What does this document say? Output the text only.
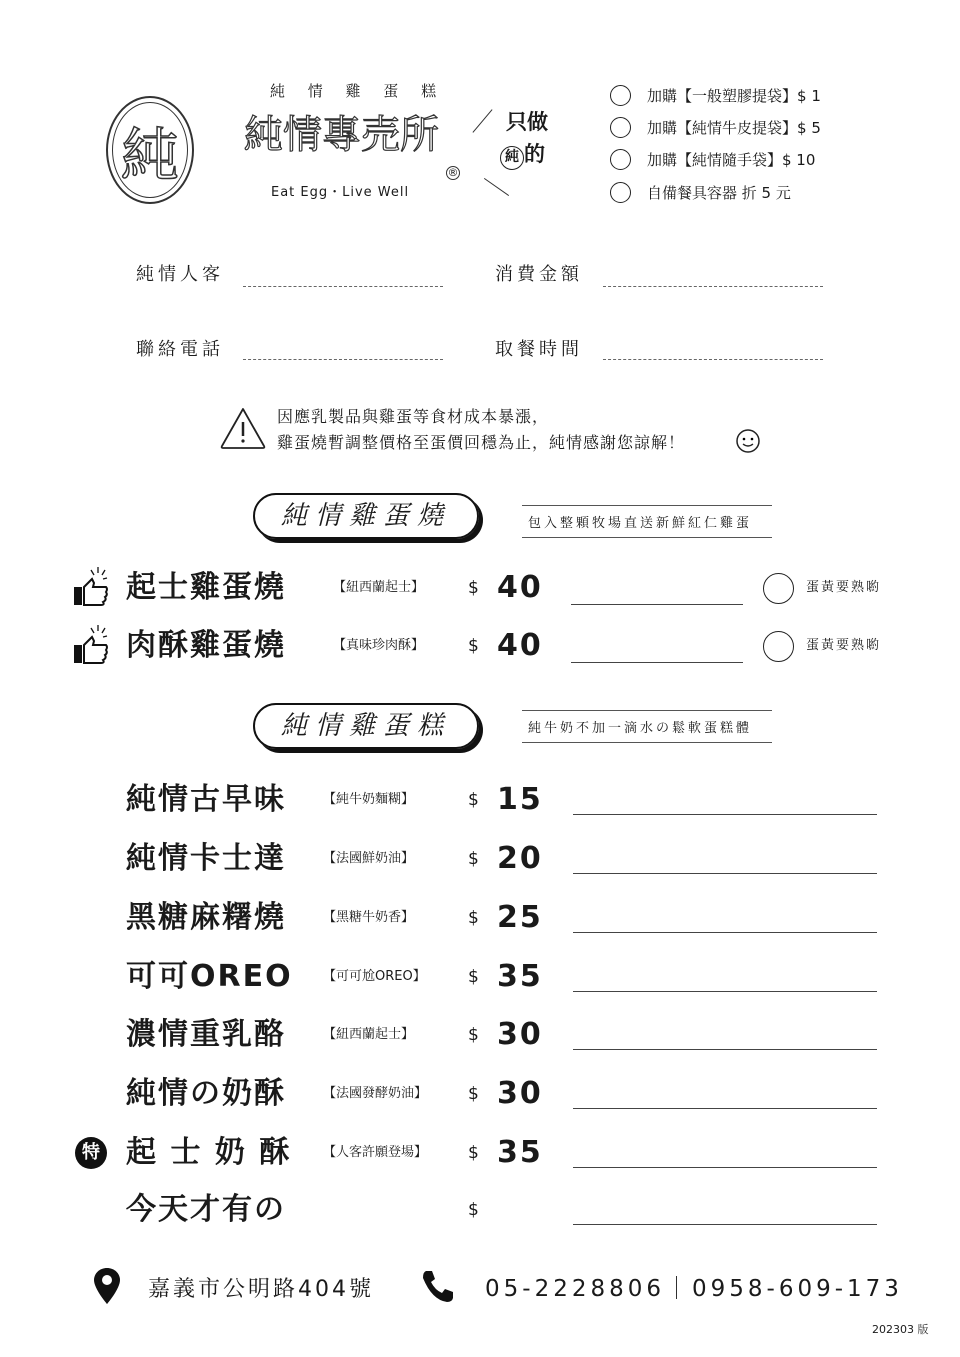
純
純 情 雞 蛋 糕
純情專売所
Eat Egg・Live Well
®
只做
純 的
加購【一般塑膠提袋】$ 1
加購【純情牛皮提袋】$ 5
加購【純情隨手袋】$ 10
自備餐具容器 折 5 元
純情人客	消費金額
聯絡電話	取餐時間
因應乳製品與雞蛋等食材成本暴漲，
雞蛋燒暫調整價格至蛋價回穩為止，純情感謝您諒解！
純情雞蛋燒	包入整顆牧場直送新鮮紅仁雞蛋
起士雞蛋燒	【紐西蘭起士】	$ 40	蛋黃要熟喲
肉酥雞蛋燒	【真味珍肉酥】	$ 40	蛋黃要熟喲
純情雞蛋糕	純牛奶不加一滴水の鬆軟蛋糕體
純情古早味	【純牛奶麵糊】	$ 15
純情卡士達	【法國鮮奶油】	$ 20
黑糖麻糬燒	【黑糖牛奶香】	$ 25
可可OREO 【可可尬OREO】 $ 35
濃情重乳酪	【紐西蘭起士】	$ 30
純情の奶酥	【法國發酵奶油】 $ 30
特 起 士 奶 酥 【人客許願登場】 $ 35
今天才有の	$
嘉義市公明路404號	05-2228806｜0958-609-173
202303 版
